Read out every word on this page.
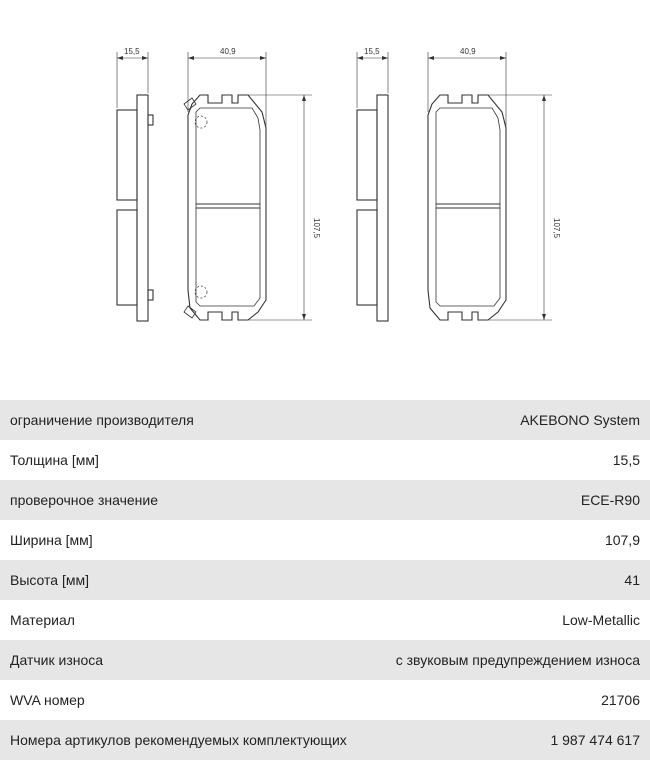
15,5	40,9
107,5
15,5	40,9
107,5
ограничение производителя	AKEBONO System
Толщина [мм]	15,5
проверочное значение	ECE-R90
Ширина [мм]	107,9
Высота [мм]	41
Материал	Low-Metallic
Датчик износа	с звуковым предупреждением износа
WVA номер	21706
Номера артикулов рекомендуемых комплектующих	1 987 474 617
